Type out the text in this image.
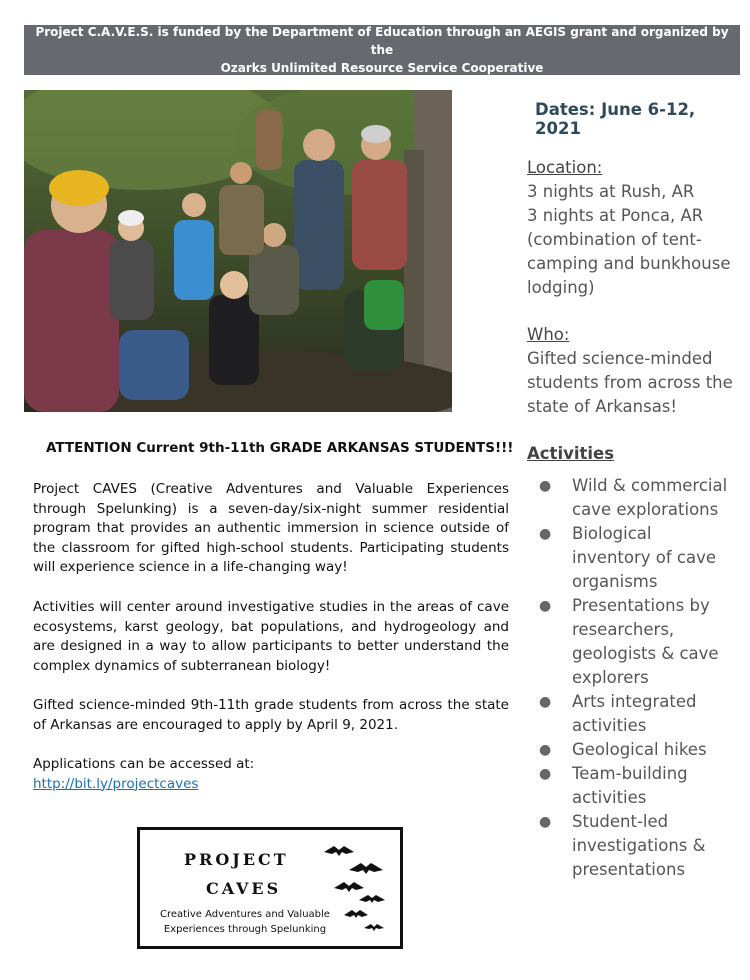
Project C.A.V.E.S. is funded by the Department of Education through an AEGIS grant and organized by the
Ozarks Unlimited Resource Service Cooperative
Dates: June 6-12, 2021

Location:

3 nights at Rush, AR
3 nights at Ponca, AR
(combination of tent-
camping and bunkhouse
lodging)

Who:

Gifted science-minded
students from across the
state of Arkansas!

Activities

● Wild & commercial
cave explorations
● Biological
inventory of cave
organisms
● Presentations by
researchers,
geologists & cave
explorers
● Arts integrated
activities
● Geological hikes
● Team-building
activities
● Student-led
investigations &
presentations
ATTENTION Current 9th-11th GRADE ARKANSAS STUDENTS!!!
Project CAVES (Creative Adventures and Valuable Experiences through Spelunking) is a seven-day/six-night summer residential program that provides an authentic immersion in science outside of the classroom for gifted high-school students. Participating students will experience science in a life-changing way!
Activities will center around investigative studies in the areas of cave ecosystems, karst geology, bat populations, and hydrogeology and are designed in a way to allow participants to better understand the complex dynamics of subterranean biology!
Gifted science-minded 9th-11th grade students from across the state of Arkansas are encouraged to apply by April 9, 2021.
Applications can be accessed at:
http://bit.ly/projectcaves
PROJECT
CAVES
Creative Adventures and Valuable
Experiences through Spelunking
